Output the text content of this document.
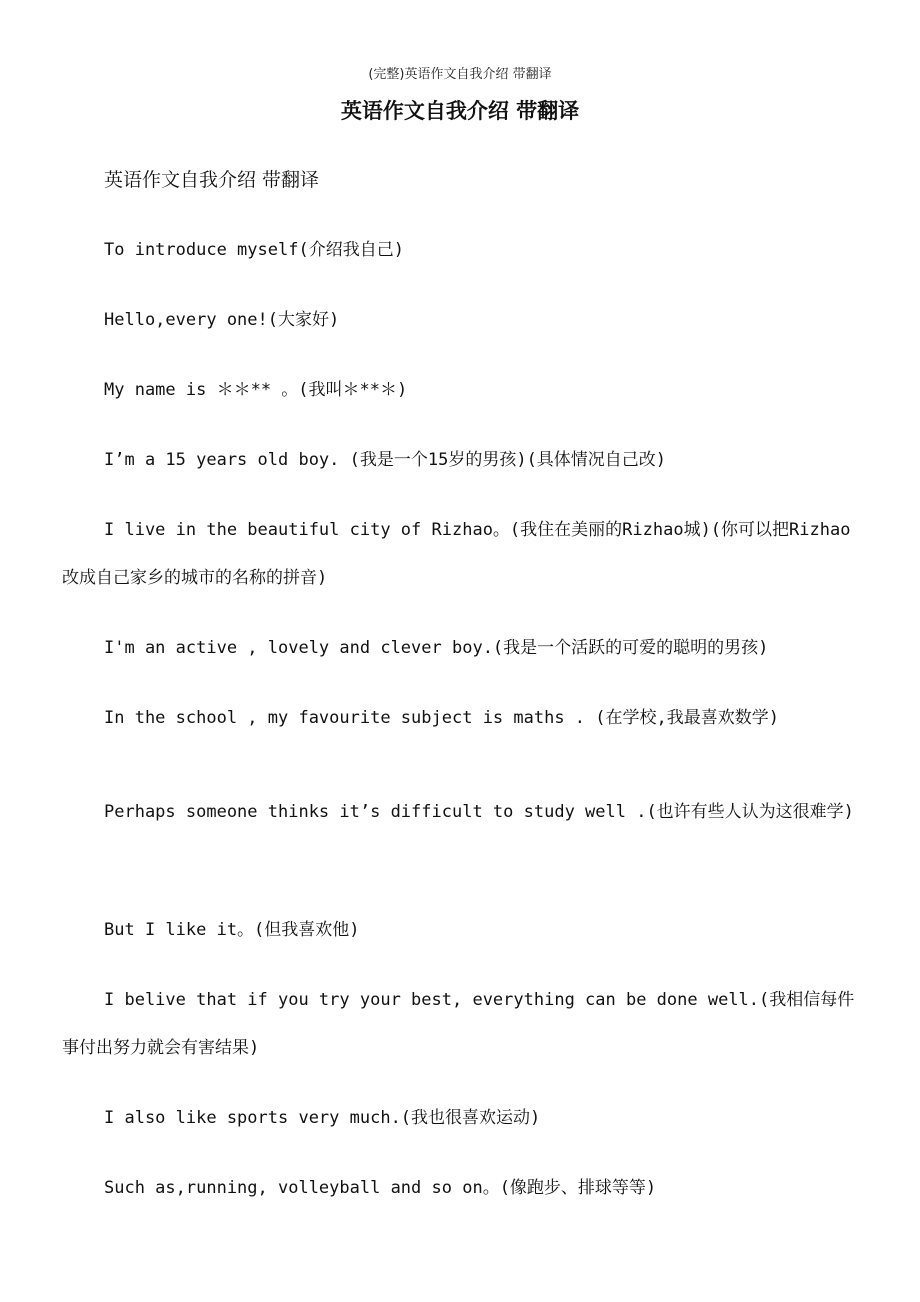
(完整)英语作文自我介绍 带翻译
英语作文自我介绍 带翻译
英语作文自我介绍 带翻译
To introduce myself(介绍我自己)
Hello,every one!(大家好)
My name is ＊＊** 。(我叫＊**＊)
I’m a 15 years old boy. (我是一个15岁的男孩)(具体情况自己改)
I live in the beautiful city of Rizhao。(我住在美丽的Rizhao城)(你可以把Rizhao改成自己家乡的城市的名称的拼音)
I'm an active , lovely and clever boy.(我是一个活跃的可爱的聪明的男孩)
In the school , my favourite subject is maths . (在学校,我最喜欢数学)
Perhaps someone thinks it’s difficult to study well .(也许有些人认为这很难学)
But I like it。(但我喜欢他)
I belive that if you try your best, everything can be done well.(我相信每件事付出努力就会有害结果)
I also like sports very much.(我也很喜欢运动)
Such as,running, volleyball and so on。(像跑步、排球等等)
